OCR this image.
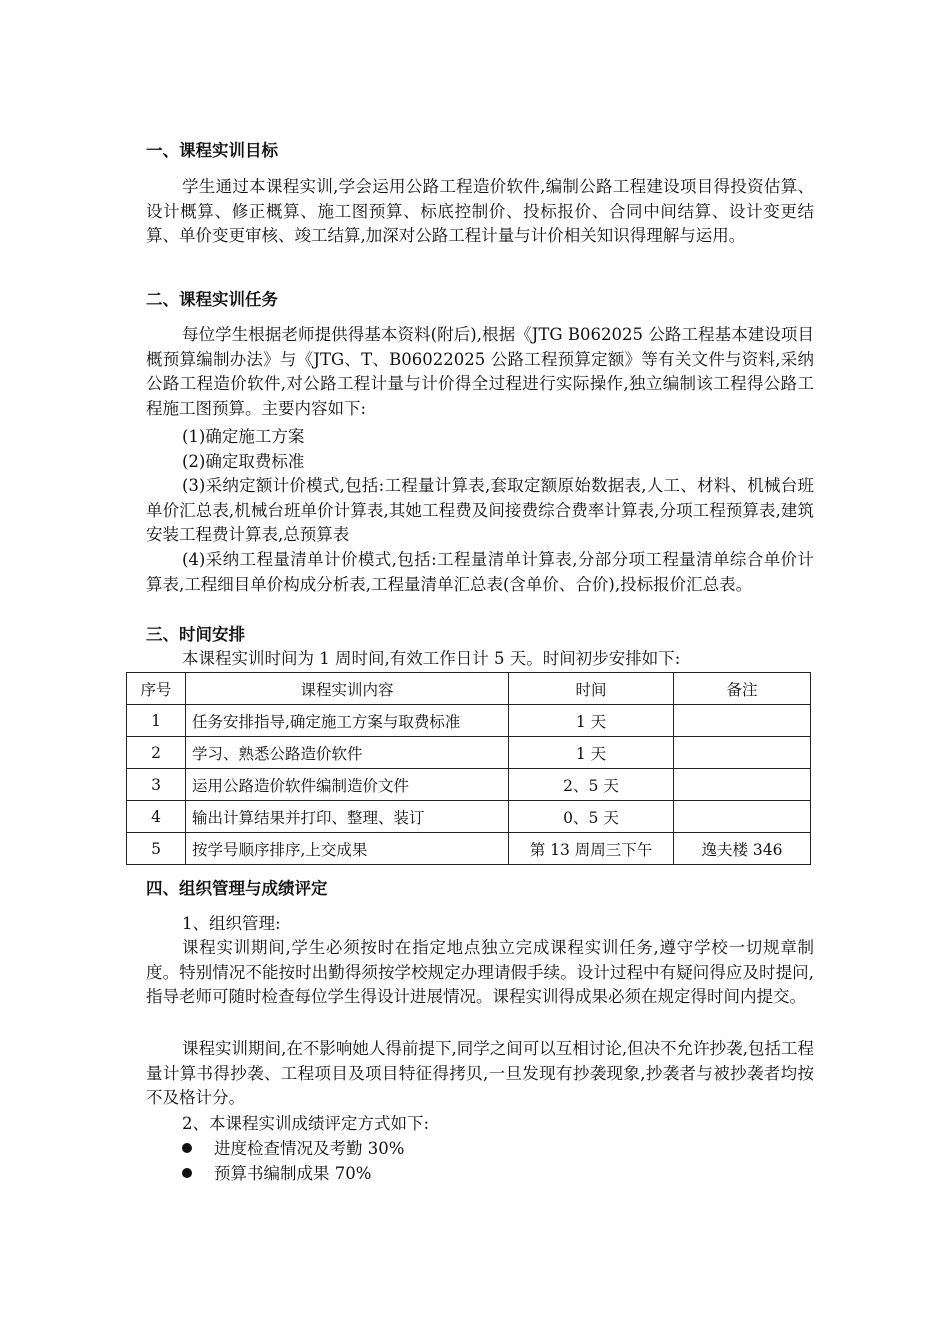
一、课程实训目标
学生通过本课程实训,学会运用公路工程造价软件,编制公路工程建设项目得投资估算、设计概算、修正概算、施工图预算、标底控制价、投标报价、合同中间结算、设计变更结算、单价变更审核、竣工结算,加深对公路工程计量与计价相关知识得理解与运用。
二、课程实训任务
每位学生根据老师提供得基本资料(附后),根据《JTG B062025 公路工程基本建设项目概预算编制办法》与《JTG、T、B06022025 公路工程预算定额》等有关文件与资料,采纳公路工程造价软件,对公路工程计量与计价得全过程进行实际操作,独立编制该工程得公路工程施工图预算。主要内容如下:
(1)确定施工方案
(2)确定取费标准
(3)采纳定额计价模式,包括:工程量计算表,套取定额原始数据表,人工、材料、机械台班单价汇总表,机械台班单价计算表,其她工程费及间接费综合费率计算表,分项工程预算表,建筑安装工程费计算表,总预算表
(4)采纳工程量清单计价模式,包括:工程量清单计算表,分部分项工程量清单综合单价计算表,工程细目单价构成分析表,工程量清单汇总表(含单价、合价),投标报价汇总表。
三、时间安排
本课程实训时间为 1 周时间,有效工作日计 5 天。时间初步安排如下:
序号	课程实训内容	时间	备注
1	任务安排指导,确定施工方案与取费标准	1 天	
2	学习、熟悉公路造价软件	1 天	
3	运用公路造价软件编制造价文件	2、5 天	
4	输出计算结果并打印、整理、装订	0、5 天	
5	按学号顺序排序,上交成果	第 13 周周三下午	逸夫楼 346
四、组织管理与成绩评定
1、组织管理:
课程实训期间,学生必须按时在指定地点独立完成课程实训任务,遵守学校一切规章制度。特别情况不能按时出勤得须按学校规定办理请假手续。设计过程中有疑问得应及时提问,指导老师可随时检查每位学生得设计进展情况。课程实训得成果必须在规定得时间内提交。
课程实训期间,在不影响她人得前提下,同学之间可以互相讨论,但决不允许抄袭,包括工程量计算书得抄袭、工程项目及项目特征得拷贝,一旦发现有抄袭现象,抄袭者与被抄袭者均按不及格计分。
2、本课程实训成绩评定方式如下:
进度检查情况及考勤 30%
预算书编制成果 70%
